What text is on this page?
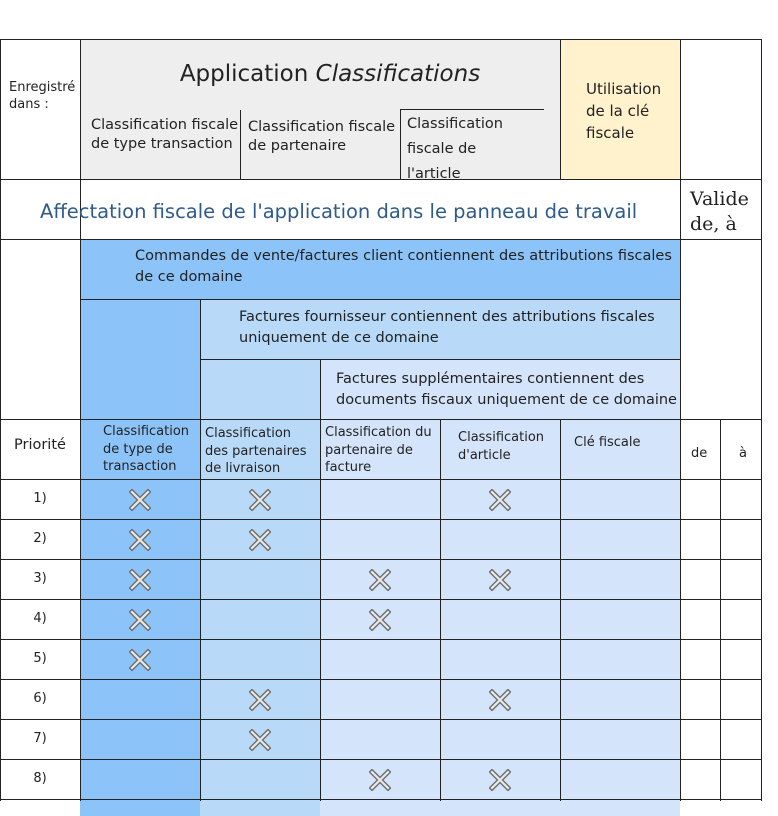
Enregistré dans :
Application Classifications
Classification fiscale de type transaction
Classification fiscale de partenaire
Classification fiscale de l'article
Utilisation de la clé fiscale
Affectation fiscale de l'application dans le panneau de travail
Valide de, à
Commandes de vente/factures client contiennent des attributions fiscales de ce domaine
Factures fournisseur contiennent des attributions fiscales uniquement de ce domaine
Factures supplémentaires contiennent des documents fiscaux uniquement de ce domaine
Priorité
Classification de type de transaction
Classification des partenaires de livraison
Classification du partenaire de facture
Classification d'article
Clé fiscale
de à
1)
2)
3)
4)
5)
6)
7)
8)
